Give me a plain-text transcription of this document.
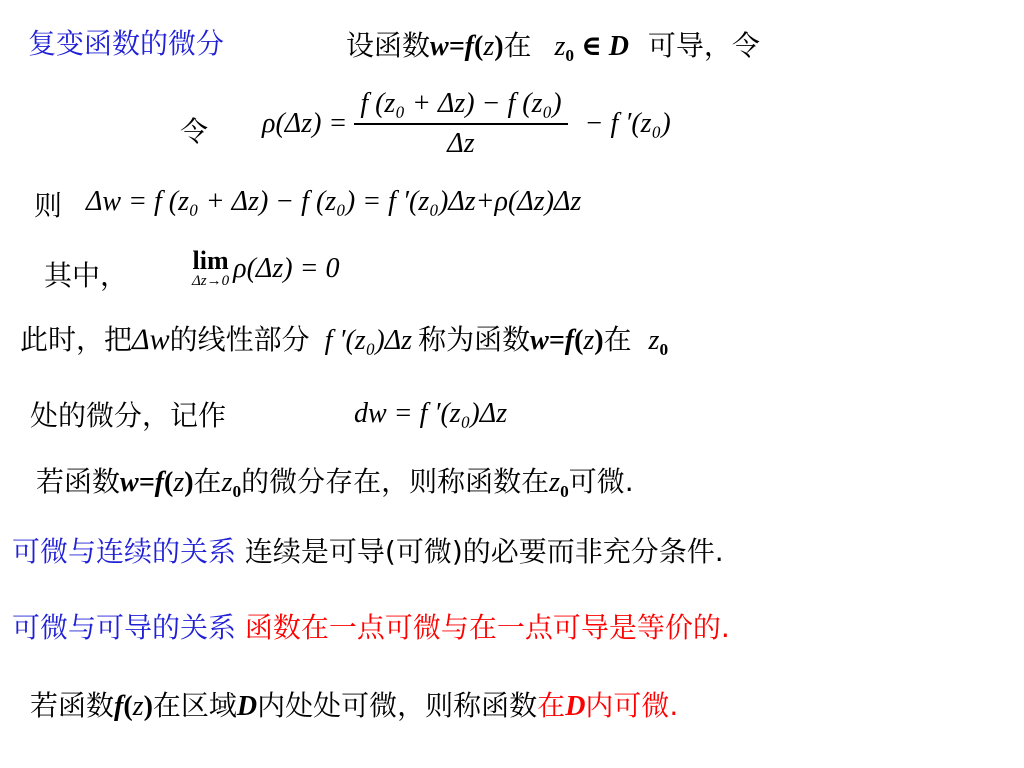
复变函数的微分	设函数w=f(z)在 $z_0$ ∈ D 可导，令
令 $\rho(\Delta z) = \frac{\text{f (z₀ + Δz) − f (z₀)}}{\Delta z} - f$ ′(z₀)
则 Δw = f (z₀ + Δz) − f (z₀) = f ′(z₀)Δz+ρ(Δz)Δz
其中， lim
Δz→0 ρ(Δz) = 0
此时，把Δw的线性部分 f ′(z₀)Δz 称为函数w=f(z)在 $z_0$
处的微分，记作	dw = f ′(z₀)Δz
若函数w=f(z)在$z_0$的微分存在，则称函数在$z_0$可微.
可微与连续的关系 连续是可导(可微)的必要而非充分条件.
可微与可导的关系 函数在一点可微与在一点可导是等价的.
若函数f(z)在区域D内处处可微，则称函数在D内可微.
